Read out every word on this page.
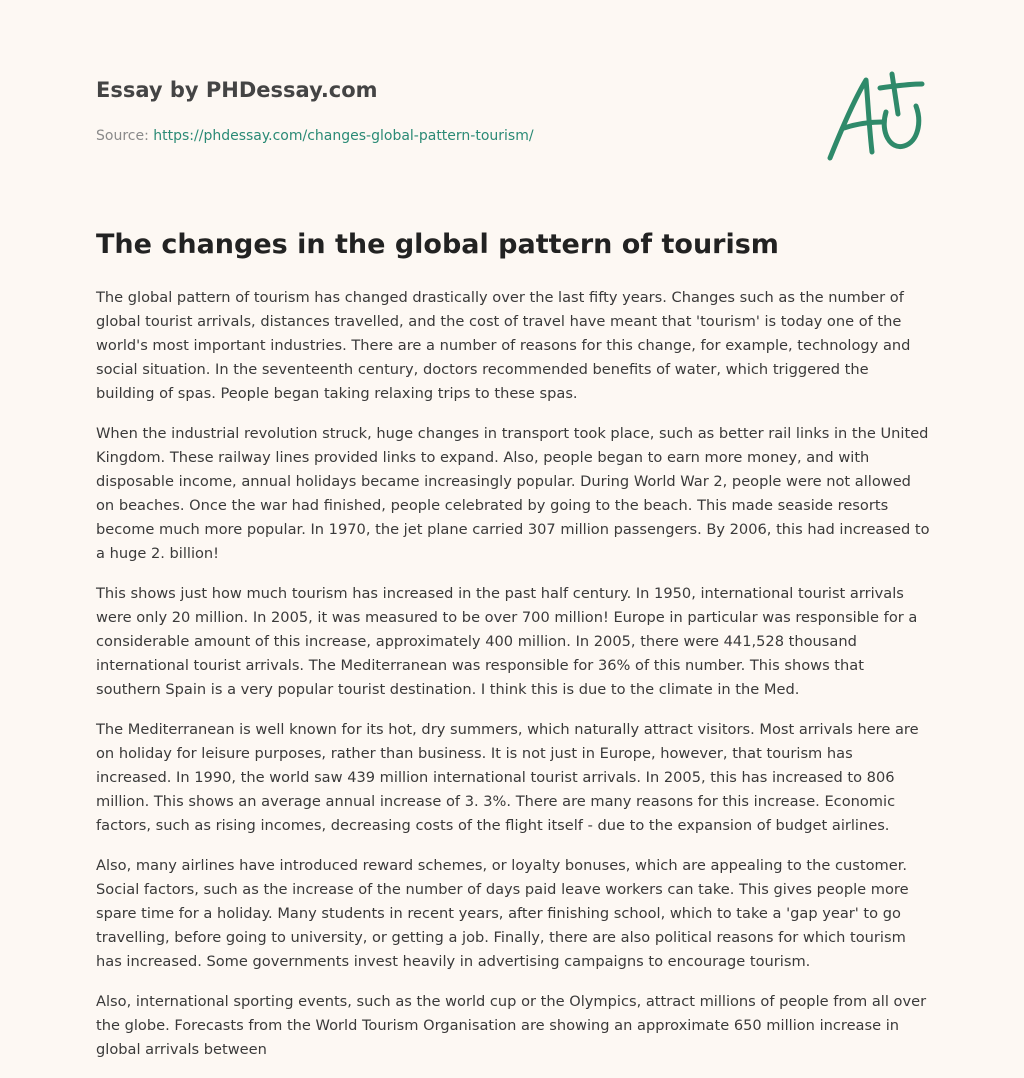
Essay by PHDessay.com
Source: https://phdessay.com/changes-global-pattern-tourism/
A+
The changes in the global pattern of tourism

The global pattern of tourism has changed drastically over the last fifty years. Changes such as the number of global tourist arrivals, distances travelled, and the cost of travel have meant that 'tourism' is today one of the world's most important industries. There are a number of reasons for this change, for example, technology and social situation. In the seventeenth century, doctors recommended benefits of water, which triggered the building of spas. People began taking relaxing trips to these spas.

When the industrial revolution struck, huge changes in transport took place, such as better rail links in the United Kingdom. These railway lines provided links to expand. Also, people began to earn more money, and with disposable income, annual holidays became increasingly popular. During World War 2, people were not allowed on beaches. Once the war had finished, people celebrated by going to the beach. This made seaside resorts become much more popular. In 1970, the jet plane carried 307 million passengers. By 2006, this had increased to a huge 2. billion!

This shows just how much tourism has increased in the past half century. In 1950, international tourist arrivals were only 20 million. In 2005, it was measured to be over 700 million! Europe in particular was responsible for a considerable amount of this increase, approximately 400 million. In 2005, there were 441,528 thousand international tourist arrivals. The Mediterranean was responsible for 36% of this number. This shows that southern Spain is a very popular tourist destination. I think this is due to the climate in the Med.

The Mediterranean is well known for its hot, dry summers, which naturally attract visitors. Most arrivals here are on holiday for leisure purposes, rather than business. It is not just in Europe, however, that tourism has increased. In 1990, the world saw 439 million international tourist arrivals. In 2005, this has increased to 806 million. This shows an average annual increase of 3. 3%. There are many reasons for this increase. Economic factors, such as rising incomes, decreasing costs of the flight itself - due to the expansion of budget airlines.

Also, many airlines have introduced reward schemes, or loyalty bonuses, which are appealing to the customer. Social factors, such as the increase of the number of days paid leave workers can take. This gives people more spare time for a holiday. Many students in recent years, after finishing school, which to take a 'gap year' to go travelling, before going to university, or getting a job. Finally, there are also political reasons for which tourism has increased. Some governments invest heavily in advertising campaigns to encourage tourism.

Also, international sporting events, such as the world cup or the Olympics, attract millions of people from all over the globe. Forecasts from the World Tourism Organisation are showing an approximate 650 million increase in global arrivals between
